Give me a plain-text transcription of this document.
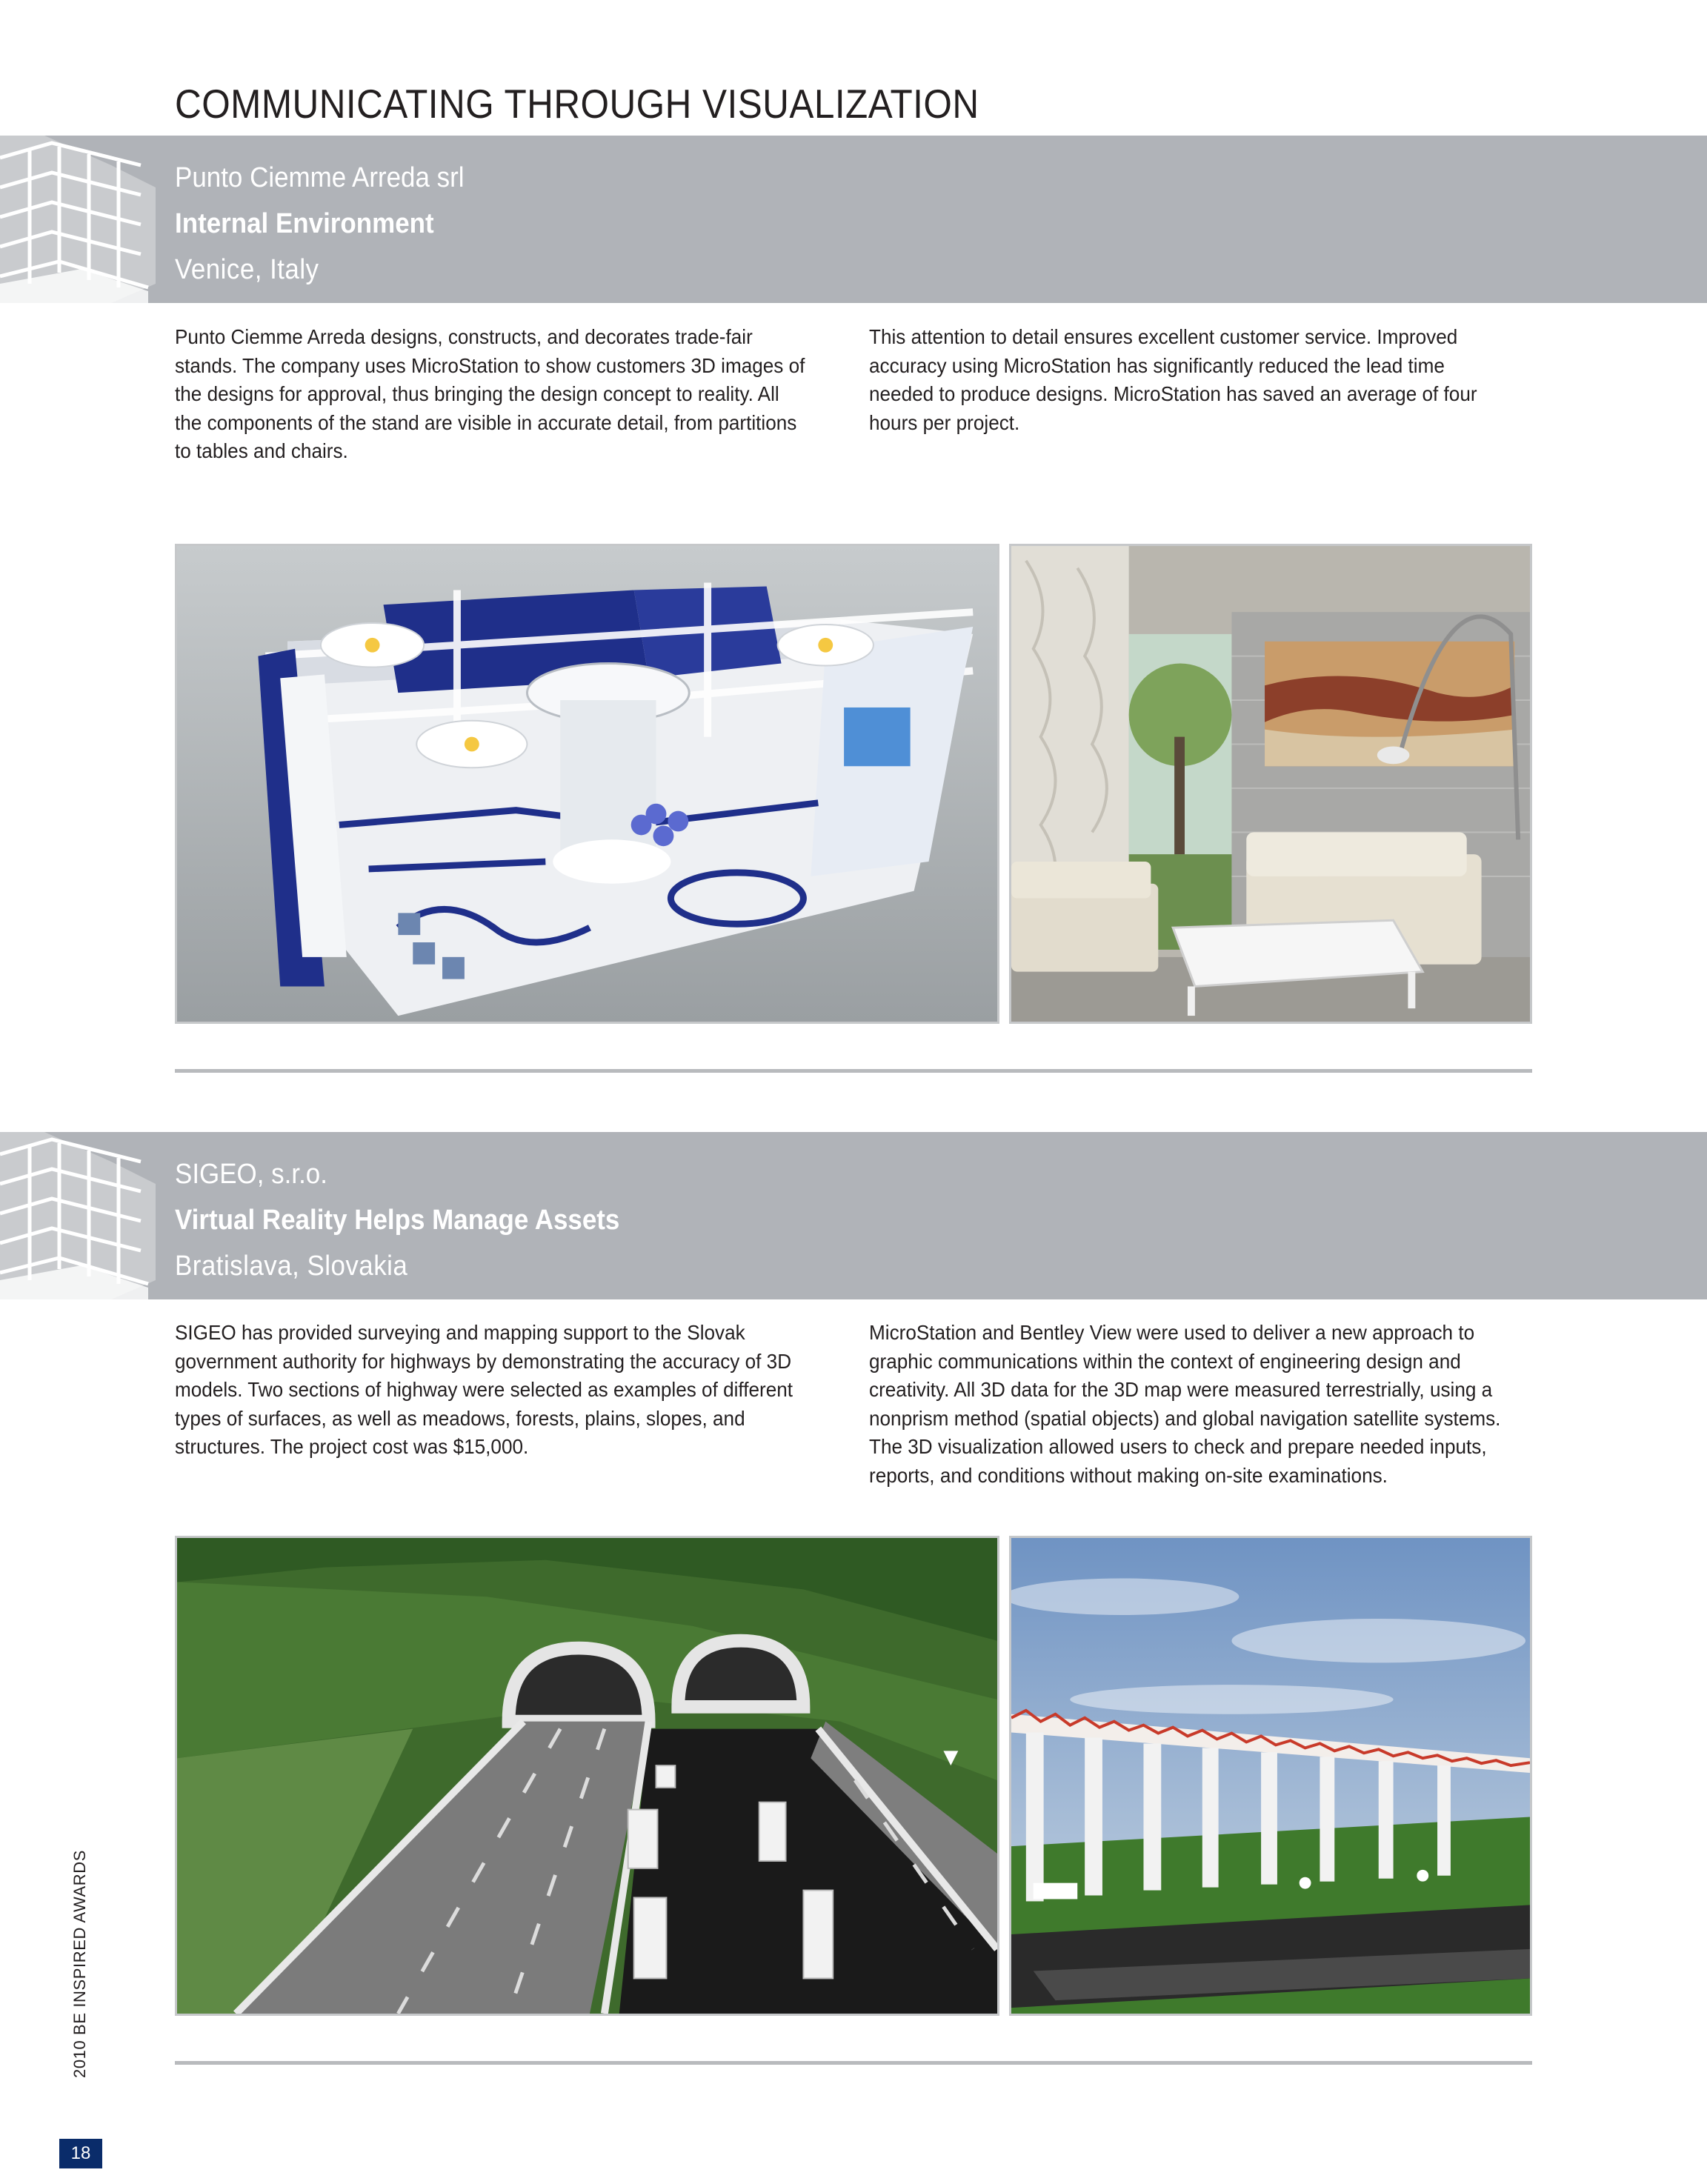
COMMUNICATING THROUGH VISUALIZATION
Punto Ciemme Arreda srl
Internal Environment
Venice, Italy

Punto Ciemme Arreda designs, constructs, and decorates trade-fair stands. The company uses MicroStation to show customers 3D images of the designs for approval, thus bringing the design concept to reality. All the components of the stand are visible in accurate detail, from partitions to tables and chairs.

This attention to detail ensures excellent customer service. Improved accuracy using MicroStation has significantly reduced the lead time needed to produce designs. MicroStation has saved an average of four hours per project.

SIGEO, s.r.o.
Virtual Reality Helps Manage Assets
Bratislava, Slovakia

SIGEO has provided surveying and mapping support to the Slovak government authority for highways by demonstrating the accuracy of 3D models. Two sections of highway were selected as examples of different types of surfaces, as well as meadows, forests, plains, slopes, and structures. The project cost was $15,000.

MicroStation and Bentley View were used to deliver a new approach to graphic communications within the context of engineering design and creativity. All 3D data for the 3D map were measured terrestrially, using a nonprism method (spatial objects) and global navigation satellite systems. The 3D visualization allowed users to check and prepare needed inputs, reports, and conditions without making on-site examinations.

2010 BE INSPIRED AWARDS
18
